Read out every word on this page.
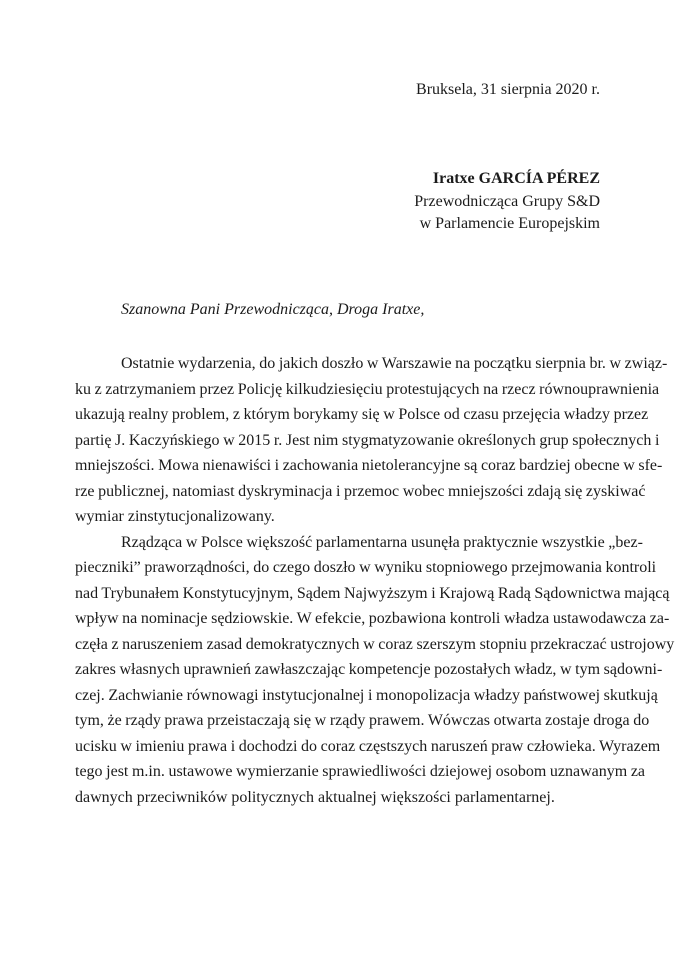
Bruksela, 31 sierpnia 2020 r.
Iratxe GARCÍA PÉREZ
Przewodnicząca Grupy S&D
w Parlamencie Europejskim
Szanowna Pani Przewodnicząca, Droga Iratxe,
Ostatnie wydarzenia, do jakich doszło w Warszawie na początku sierpnia br. w związ-
ku z zatrzymaniem przez Policję kilkudziesięciu protestujących na rzecz równouprawnienia
ukazują realny problem, z którym borykamy się w Polsce od czasu przejęcia władzy przez
partię J. Kaczyńskiego w 2015 r. Jest nim stygmatyzowanie określonych grup społecznych i
mniejszości. Mowa nienawiści i zachowania nietolerancyjne są coraz bardziej obecne w sfe-
rze publicznej, natomiast dyskryminacja i przemoc wobec mniejszości zdają się zyskiwać
wymiar zinstytucjonalizowany.
Rządząca w Polsce większość parlamentarna usunęła praktycznie wszystkie „bez-
pieczniki” praworządności, do czego doszło w wyniku stopniowego przejmowania kontroli
nad Trybunałem Konstytucyjnym, Sądem Najwyższym i Krajową Radą Sądownictwa mającą
wpływ na nominacje sędziowskie. W efekcie, pozbawiona kontroli władza ustawodawcza za-
częła z naruszeniem zasad demokratycznych w coraz szerszym stopniu przekraczać ustrojowy
zakres własnych uprawnień zawłaszczając kompetencje pozostałych władz, w tym sądowni-
czej. Zachwianie równowagi instytucjonalnej i monopolizacja władzy państwowej skutkują
tym, że rządy prawa przeistaczają się w rządy prawem. Wówczas otwarta zostaje droga do
ucisku w imieniu prawa i dochodzi do coraz częstszych naruszeń praw człowieka. Wyrazem
tego jest m.in. ustawowe wymierzanie sprawiedliwości dziejowej osobom uznawanym za
dawnych przeciwników politycznych aktualnej większości parlamentarnej.
